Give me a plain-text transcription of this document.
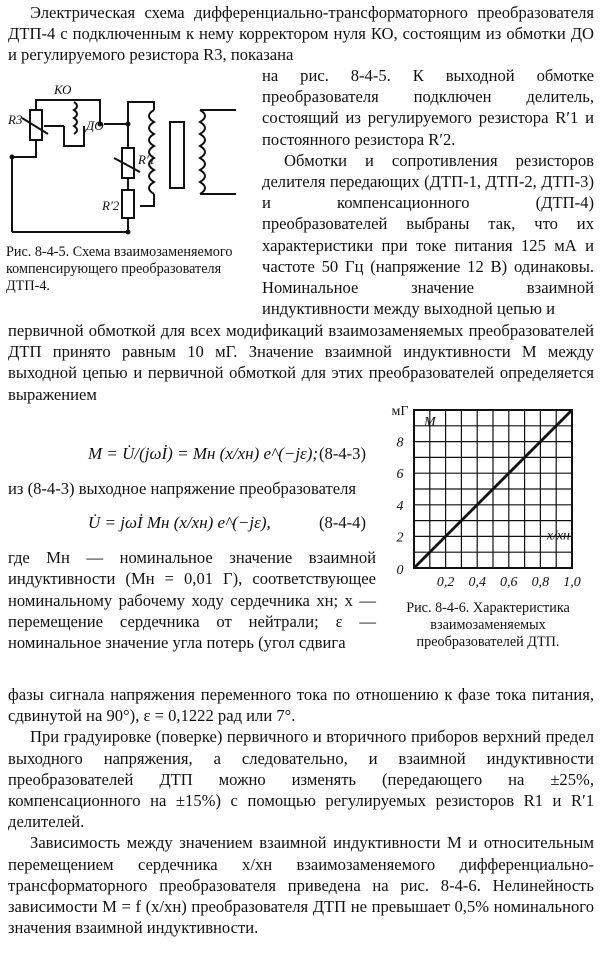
Электрическая схема дифференциально-трансформаторного преобразователя ДТП-4 с подключенным к нему корректором нуля КО, состоящим из обмотки ДО и регулируемого резистора R3, показана

КО
ДО
R3
R′1
R′2
Рис. 8-4-5. Схема взаимозаменяемого компенсирующего преобразователя ДТП-4.

на рис. 8-4-5. К выходной обмотке преобразователя подключен делитель, состоящий из регулируемого резистора R′1 и постоянного резистора R′2.

Обмотки и сопротивления резисторов делителя передающих (ДТП-1, ДТП-2, ДТП-3) и компенсационного (ДТП-4) преобразователей выбраны так, что их характеристики при токе питания 125 мА и частоте 50 Гц (напряжение 12 В) одинаковы. Номинальное значение взаимной индуктивности между выходной цепью и

первичной обмоткой для всех модификаций взаимозаменяемых преобразователей ДТП принято равным 10 мГ. Значение взаимной индуктивности M между выходной цепью и первичной обмоткой для этих преобразователей определяется выражением

M = U̇/(jωİ) = Mн (x/xн) e^(−jε); (8-4-3)

из (8-4-3) выходное напряжение преобразователя

U̇ = jωİ Mн (x/xн) e^(−jε),	(8-4-4)

где Mн — номинальное значение взаимной индуктивности (Mн = 0,01 Г), соответствующее номинальному рабочему ходу сердечника xн; x — перемещение сердечника от нейтрали; ε — номинальное значение угла потерь (угол сдвига

2
4
6
8
0
0,2 0,4 0,6 0,8 1,0
мГ
M
x/xн
Рис. 8-4-6. Характеристика взаимозаменяемых преобразователей ДТП.

фазы сигнала напряжения переменного тока по отношению к фазе тока питания, сдвинутой на 90°), ε = 0,1222 рад или 7°.

При градуировке (поверке) первичного и вторичного приборов верхний предел выходного напряжения, а следовательно, и взаимной индуктивности преобразователей ДТП можно изменять (передающего на ±25%, компенсационного на ±15%) с помощью регулируемых резисторов R1 и R′1 делителей.

Зависимость между значением взаимной индуктивности M и относительным перемещением сердечника x/xн взаимозаменяемого дифференциально-трансформаторного преобразователя приведена на рис. 8-4-6. Нелинейность зависимости M = f (x/xн) преобразователя ДТП не превышает 0,5% номинального значения взаимной индуктивности.
